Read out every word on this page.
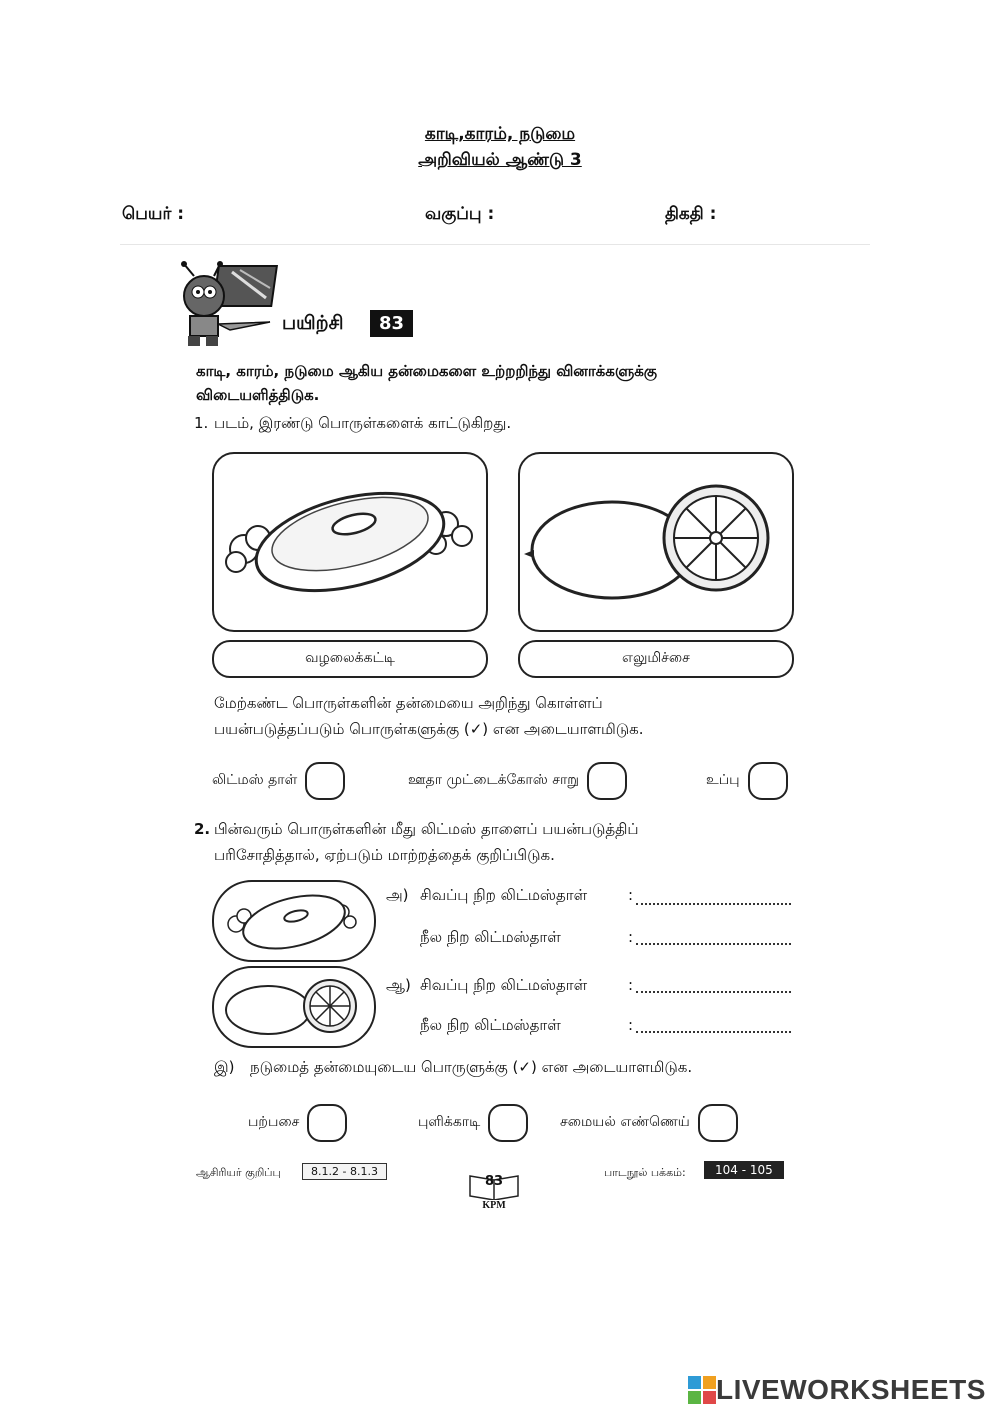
காடி,காரம், நடுமை
அறிவியல் ஆண்டு 3
பெயர் :	வகுப்பு :	திகதி :
பயிற்சி	83
காடி, காரம், நடுமை ஆகிய தன்மைகளை உற்றறிந்து வினாக்களுக்கு
விடையளித்திடுக.
1. படம், இரண்டு பொருள்களைக் காட்டுகிறது.
வழலைக்கட்டி	எலுமிச்சை
மேற்கண்ட பொருள்களின் தன்மையை அறிந்து கொள்ளப்
பயன்படுத்தப்படும் பொருள்களுக்கு (✓) என அடையாளமிடுக.
லிட்மஸ் தாள்	ஊதா முட்டைக்கோஸ் சாறு	உப்பு
2. பின்வரும் பொருள்களின் மீது லிட்மஸ் தாளைப் பயன்படுத்திப்
பரிசோதித்தால், ஏற்படும் மாற்றத்தைக் குறிப்பிடுக.
அ) சிவப்பு நிற லிட்மஸ்தாள்	:
நீல நிற லிட்மஸ்தாள்	:
ஆ) சிவப்பு நிற லிட்மஸ்தாள்	:
நீல நிற லிட்மஸ்தாள்	:
இ) நடுமைத் தன்மையுடைய பொருளுக்கு (✓) என அடையாளமிடுக.
பற்பசை	புளிக்காடி	சமையல் எண்ணெய்
ஆசிரியர் குறிப்பு	8.1.2 - 8.1.3
83
KPM
பாடநூல் பக்கம்:	104 - 105
LIVEWORKSHEETS
